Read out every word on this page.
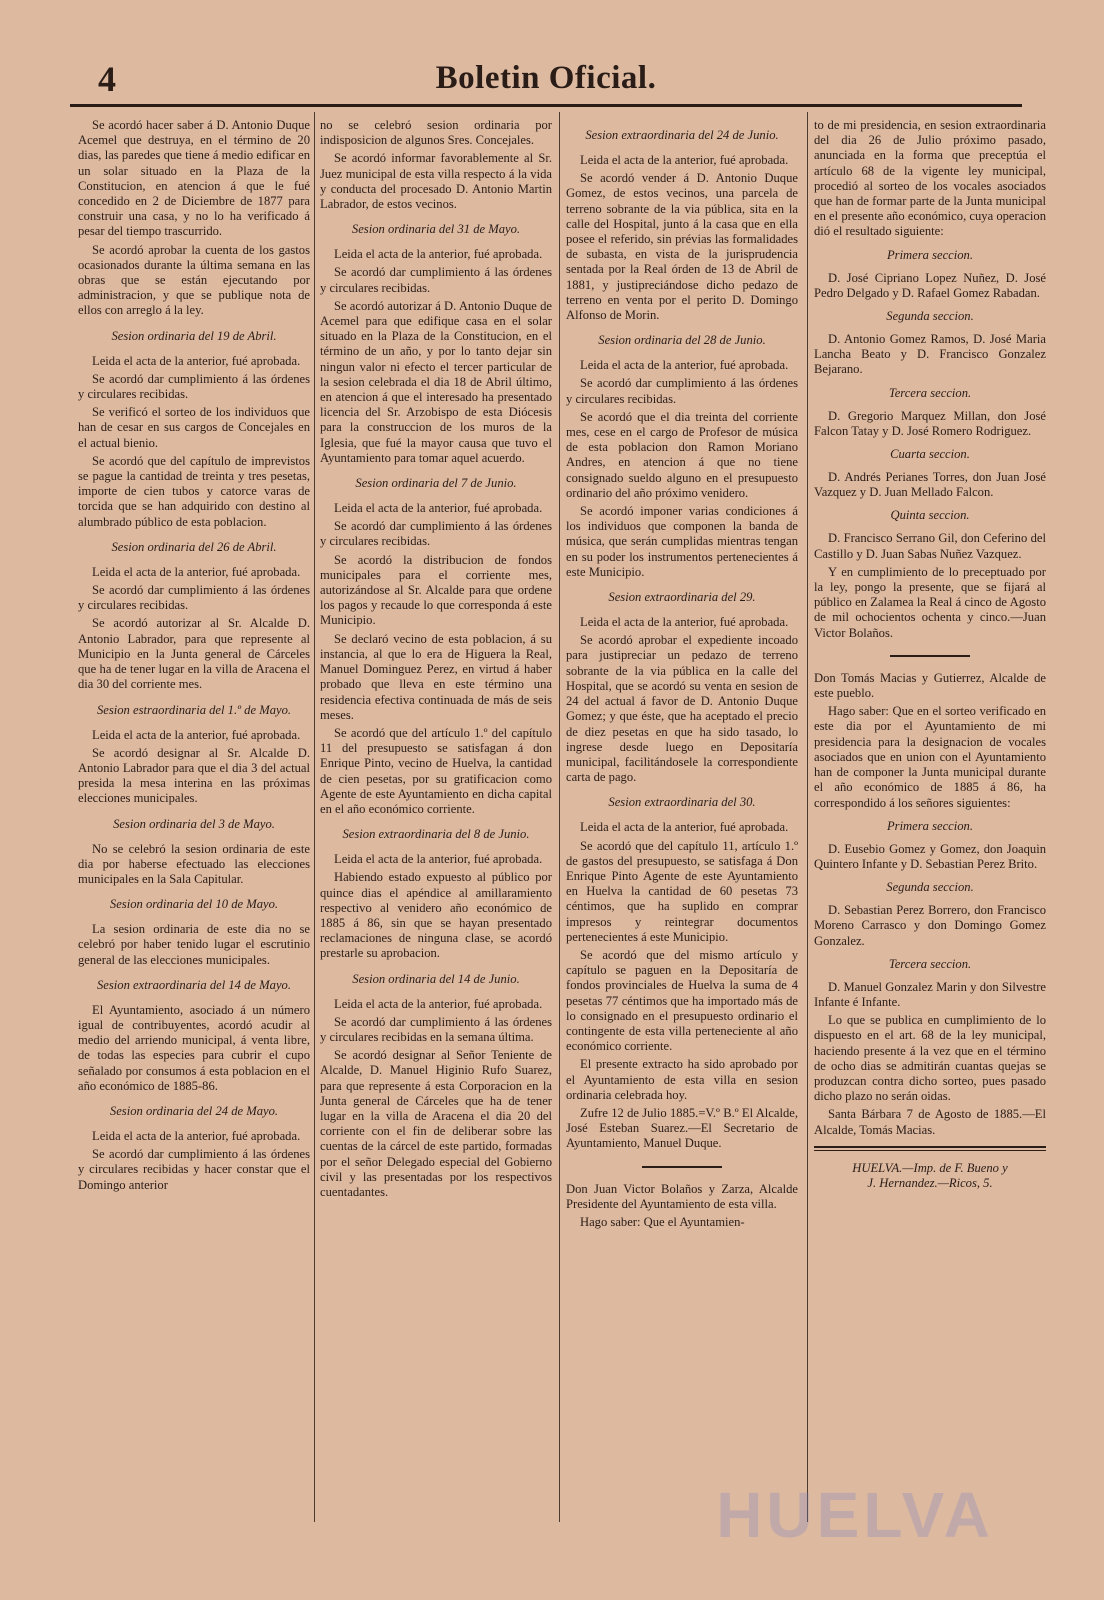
4	Boletin Oficial.

Se acordó hacer saber á D. Antonio Duque Acemel que destruya, en el término de 20 dias, las paredes que tiene á medio edificar en un solar situado en la Plaza de la Constitucion, en atencion á que le fué concedido en 2 de Diciembre de 1877 para construir una casa, y no lo ha verificado á pesar del tiempo trascurrido.

Se acordó aprobar la cuenta de los gastos ocasionados durante la última semana en las obras que se están ejecutando por administracion, y que se publique nota de ellos con arreglo á la ley.

Sesion ordinaria del 19 de Abril.

Leida el acta de la anterior, fué aprobada.

Se acordó dar cumplimiento á las órdenes y circulares recibidas.

Se verificó el sorteo de los individuos que han de cesar en sus cargos de Concejales en el actual bienio.

Se acordó que del capítulo de imprevistos se pague la cantidad de treinta y tres pesetas, importe de cien tubos y catorce varas de torcida que se han adquirido con destino al alumbrado público de esta poblacion.

Sesion ordinaria del 26 de Abril.

Leida el acta de la anterior, fué aprobada.

Se acordó dar cumplimiento á las órdenes y circulares recibidas.

Se acordó autorizar al Sr. Alcalde D. Antonio Labrador, para que represente al Municipio en la Junta general de Cárceles que ha de tener lugar en la villa de Aracena el dia 30 del corriente mes.

Sesion estraordinaria del 1.º de Mayo.

Leida el acta de la anterior, fué aprobada.

Se acordó designar al Sr. Alcalde D. Antonio Labrador para que el dia 3 del actual presida la mesa interina en las próximas elecciones municipales.

Sesion ordinaria del 3 de Mayo.

No se celebró la sesion ordinaria de este dia por haberse efectuado las elecciones municipales en la Sala Capitular.

Sesion ordinaria del 10 de Mayo.

La sesion ordinaria de este dia no se celebró por haber tenido lugar el escrutinio general de las elecciones municipales.

Sesion extraordinaria del 14 de Mayo.

El Ayuntamiento, asociado á un número igual de contribuyentes, acordó acudir al medio del arriendo municipal, á venta libre, de todas las especies para cubrir el cupo señalado por consumos á esta poblacion en el año económico de 1885-86.

Sesion ordinaria del 24 de Mayo.

Leida el acta de la anterior, fué aprobada.

Se acordó dar cumplimiento á las órdenes y circulares recibidas y hacer constar que el Domingo anterior

no se celebró sesion ordinaria por indisposicion de algunos Sres. Concejales.

Se acordó informar favorablemente al Sr. Juez municipal de esta villa respecto á la vida y conducta del procesado D. Antonio Martin Labrador, de estos vecinos.

Sesion ordinaria del 31 de Mayo.

Leida el acta de la anterior, fué aprobada.

Se acordó dar cumplimiento á las órdenes y circulares recibidas.

Se acordó autorizar á D. Antonio Duque de Acemel para que edifique casa en el solar situado en la Plaza de la Constitucion, en el término de un año, y por lo tanto dejar sin ningun valor ni efecto el tercer particular de la sesion celebrada el dia 18 de Abril último, en atencion á que el interesado ha presentado licencia del Sr. Arzobispo de esta Diócesis para la construccion de los muros de la Iglesia, que fué la mayor causa que tuvo el Ayuntamiento para tomar aquel acuerdo.

Sesion ordinaria del 7 de Junio.

Leida el acta de la anterior, fué aprobada.

Se acordó dar cumplimiento á las órdenes y circulares recibidas.

Se acordó la distribucion de fondos municipales para el corriente mes, autorizándose al Sr. Alcalde para que ordene los pagos y recaude lo que corresponda á este Municipio.

Se declaró vecino de esta poblacion, á su instancia, al que lo era de Higuera la Real, Manuel Dominguez Perez, en virtud á haber probado que lleva en este término una residencia efectiva continuada de más de seis meses.

Se acordó que del artículo 1.º del capítulo 11 del presupuesto se satisfagan á don Enrique Pinto, vecino de Huelva, la cantidad de cien pesetas, por su gratificacion como Agente de este Ayuntamiento en dicha capital en el año económico corriente.

Sesion extraordinaria del 8 de Junio.

Leida el acta de la anterior, fué aprobada.

Habiendo estado expuesto al público por quince dias el apéndice al amillaramiento respectivo al venidero año económico de 1885 á 86, sin que se hayan presentado reclamaciones de ninguna clase, se acordó prestarle su aprobacion.

Sesion ordinaria del 14 de Junio.

Leida el acta de la anterior, fué aprobada.

Se acordó dar cumplimiento á las órdenes y circulares recibidas en la semana última.

Se acordó designar al Señor Teniente de Alcalde, D. Manuel Higinio Rufo Suarez, para que represente á esta Corporacion en la Junta general de Cárceles que ha de tener lugar en la villa de Aracena el dia 20 del corriente con el fin de deliberar sobre las cuentas de la cárcel de este partido, formadas por el señor Delegado especial del Gobierno civil y las presentadas por los respectivos cuentadantes.

Sesion extraordinaria del 24 de Junio.

Leida el acta de la anterior, fué aprobada.

Se acordó vender á D. Antonio Duque Gomez, de estos vecinos, una parcela de terreno sobrante de la via pública, sita en la calle del Hospital, junto á la casa que en ella posee el referido, sin prévias las formalidades de subasta, en vista de la jurisprudencia sentada por la Real órden de 13 de Abril de 1881, y justipreciándose dicho pedazo de terreno en venta por el perito D. Domingo Alfonso de Morin.

Sesion ordinaria del 28 de Junio.

Leida el acta de la anterior, fué aprobada.

Se acordó dar cumplimiento á las órdenes y circulares recibidas.

Se acordó que el dia treinta del corriente mes, cese en el cargo de Profesor de música de esta poblacion don Ramon Moriano Andres, en atencion á que no tiene consignado sueldo alguno en el presupuesto ordinario del año próximo venidero.

Se acordó imponer varias condiciones á los individuos que componen la banda de música, que serán cumplidas mientras tengan en su poder los instrumentos pertenecientes á este Municipio.

Sesion extraordinaria del 29.

Leida el acta de la anterior, fué aprobada.

Se acordó aprobar el expediente incoado para justipreciar un pedazo de terreno sobrante de la via pública en la calle del Hospital, que se acordó su venta en sesion de 24 del actual á favor de D. Antonio Duque Gomez; y que éste, que ha aceptado el precio de diez pesetas en que ha sido tasado, lo ingrese desde luego en Depositaría municipal, facilitándosele la correspondiente carta de pago.

Sesion extraordinaria del 30.

Leida el acta de la anterior, fué aprobada.

Se acordó que del capítulo 11, artículo 1.º de gastos del presupuesto, se satisfaga á Don Enrique Pinto Agente de este Ayuntamiento en Huelva la cantidad de 60 pesetas 73 céntimos, que ha suplido en comprar impresos y reintegrar documentos pertenecientes á este Municipio.

Se acordó que del mismo artículo y capítulo se paguen en la Depositaría de fondos provinciales de Huelva la suma de 4 pesetas 77 céntimos que ha importado más de lo consignado en el presupuesto ordinario el contingente de esta villa perteneciente al año económico corriente.

El presente extracto ha sido aprobado por el Ayuntamiento de esta villa en sesion ordinaria celebrada hoy.

Zufre 12 de Julio 1885.=V.º B.º El Alcalde, José Esteban Suarez.—El Secretario de Ayuntamiento, Manuel Duque.

Don Juan Victor Bolaños y Zarza, Alcalde Presidente del Ayuntamiento de esta villa.

Hago saber: Que el Ayuntamien-

to de mi presidencia, en sesion extraordinaria del dia 26 de Julio próximo pasado, anunciada en la forma que preceptúa el artículo 68 de la vigente ley municipal, procedió al sorteo de los vocales asociados que han de formar parte de la Junta municipal en el presente año económico, cuya operacion dió el resultado siguiente:

Primera seccion.

D. José Cipriano Lopez Nuñez, D. José Pedro Delgado y D. Rafael Gomez Rabadan.

Segunda seccion.

D. Antonio Gomez Ramos, D. José Maria Lancha Beato y D. Francisco Gonzalez Bejarano.

Tercera seccion.

D. Gregorio Marquez Millan, don José Falcon Tatay y D. José Romero Rodriguez.

Cuarta seccion.

D. Andrés Perianes Torres, don Juan José Vazquez y D. Juan Mellado Falcon.

Quinta seccion.

D. Francisco Serrano Gil, don Ceferino del Castillo y D. Juan Sabas Nuñez Vazquez.

Y en cumplimiento de lo preceptuado por la ley, pongo la presente, que se fijará al público en Zalamea la Real á cinco de Agosto de mil ochocientos ochenta y cinco.—Juan Victor Bolaños.

Don Tomás Macias y Gutierrez, Alcalde de este pueblo.

Hago saber: Que en el sorteo verificado en este dia por el Ayuntamiento de mi presidencia para la designacion de vocales asociados que en union con el Ayuntamiento han de componer la Junta municipal durante el año económico de 1885 á 86, ha correspondido á los señores siguientes:

Primera seccion.

D. Eusebio Gomez y Gomez, don Joaquin Quintero Infante y D. Sebastian Perez Brito.

Segunda seccion.

D. Sebastian Perez Borrero, don Francisco Moreno Carrasco y don Domingo Gomez Gonzalez.

Tercera seccion.

D. Manuel Gonzalez Marin y don Silvestre Infante é Infante.

Lo que se publica en cumplimiento de lo dispuesto en el art. 68 de la ley municipal, haciendo presente á la vez que en el término de ocho dias se admitirán cuantas quejas se produzcan contra dicho sorteo, pues pasado dicho plazo no serán oidas.

Santa Bárbara 7 de Agosto de 1885.—El Alcalde, Tomás Macias.

HUELVA.—Imp. de F. Bueno y
J. Hernandez.—Ricos, 5.
HUELVA
